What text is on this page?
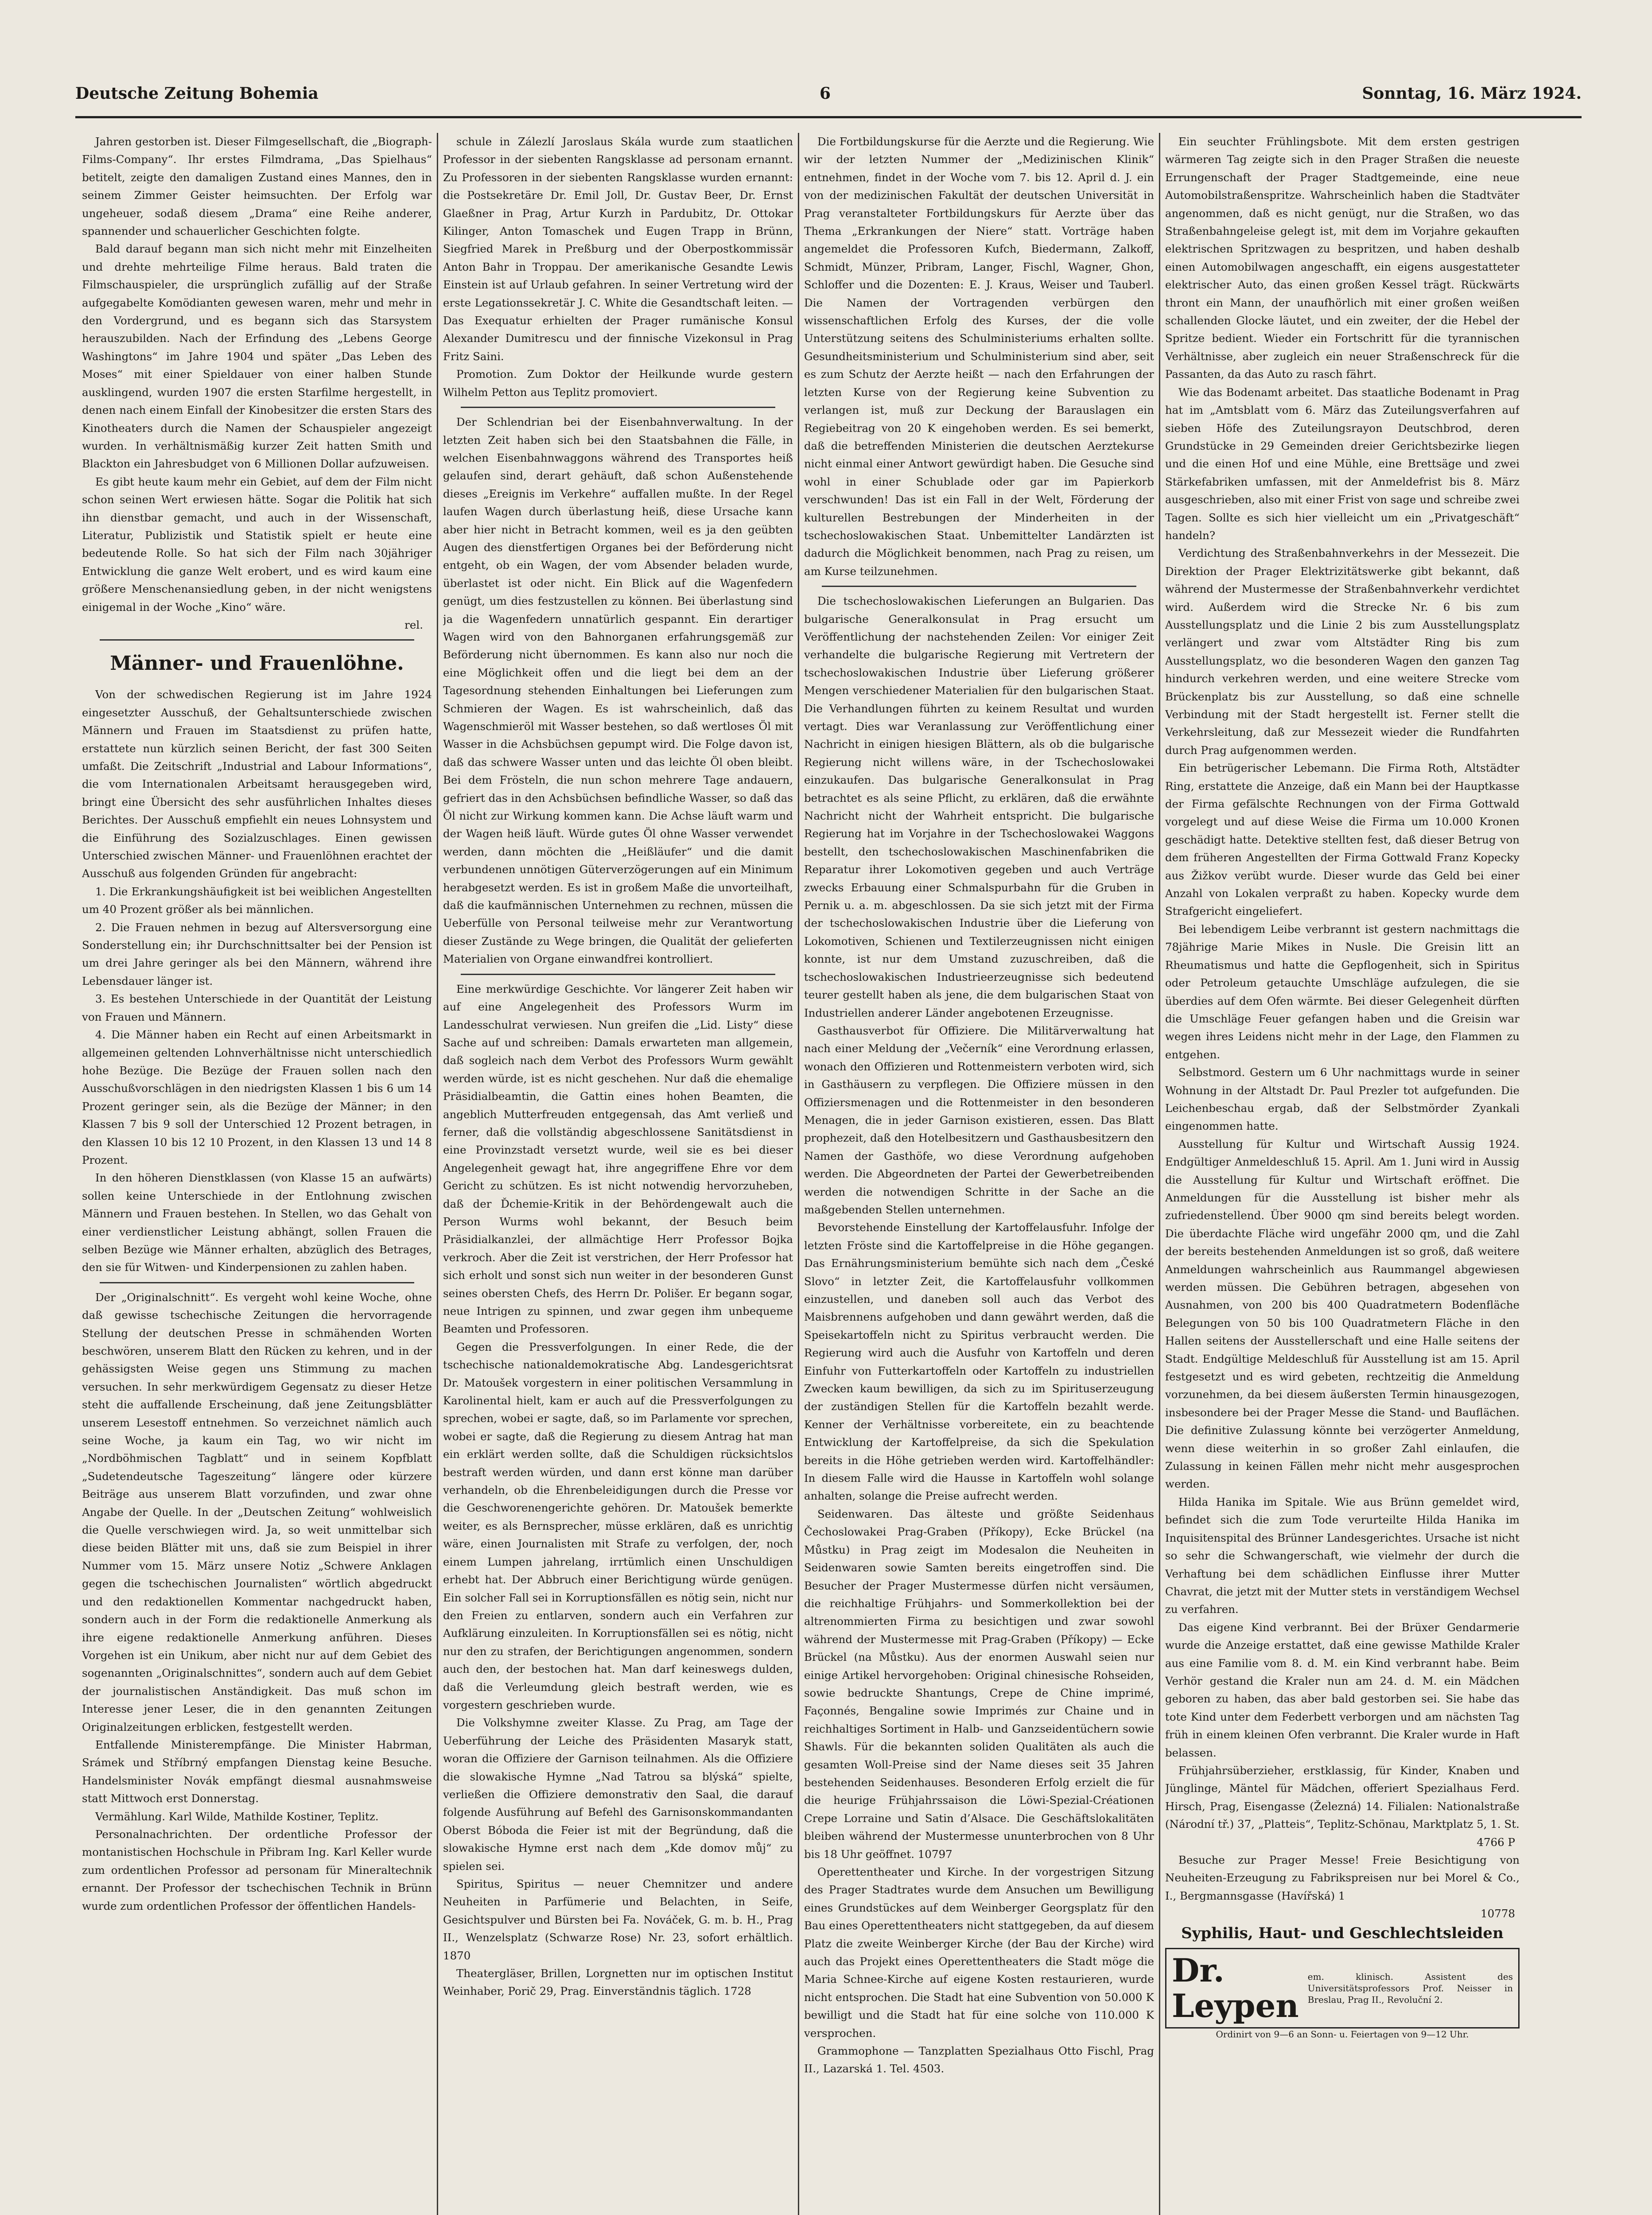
Deutsche Zeitung Bohemia	6	Sonntag, 16. März 1924.

Jahren gestorben ist. Dieser Filmgesellschaft, die „Biograph-Films-Company“. Ihr erstes Filmdrama, „Das Spielhaus“ betitelt, zeigte den damaligen Zustand eines Mannes, den in seinem Zimmer Geister heimsuchten. Der Erfolg war ungeheuer, sodaß diesem „Drama“ eine Reihe anderer, spannender und schauerlicher Geschichten folgte.

Bald darauf begann man sich nicht mehr mit Einzelheiten und drehte mehrteilige Filme heraus. Bald traten die Filmschauspieler, die ursprünglich zufällig auf der Straße aufgegabelte Komödianten gewesen waren, mehr und mehr in den Vordergrund, und es begann sich das Starsystem herauszubilden. Nach der Erfindung des „Lebens George Washingtons“ im Jahre 1904 und später „Das Leben des Moses“ mit einer Spieldauer von einer halben Stunde ausklingend, wurden 1907 die ersten Starfilme hergestellt, in denen nach einem Einfall der Kinobesitzer die ersten Stars des Kinotheaters durch die Namen der Schauspieler angezeigt wurden. In verhältnismäßig kurzer Zeit hatten Smith und Blackton ein Jahresbudget von 6 Millionen Dollar aufzuweisen.

Es gibt heute kaum mehr ein Gebiet, auf dem der Film nicht schon seinen Wert erwiesen hätte. Sogar die Politik hat sich ihn dienstbar gemacht, und auch in der Wissenschaft, Literatur, Publizistik und Statistik spielt er heute eine bedeutende Rolle. So hat sich der Film nach 30jähriger Entwicklung die ganze Welt erobert, und es wird kaum eine größere Menschenansiedlung geben, in der nicht wenigstens einigemal in der Woche „Kino“ wäre.

rel.
Männer- und Frauenlöhne.

Von der schwedischen Regierung ist im Jahre 1924 eingesetzter Ausschuß, der Gehaltsunterschiede zwischen Männern und Frauen im Staatsdienst zu prüfen hatte, erstattete nun kürzlich seinen Bericht, der fast 300 Seiten umfaßt. Die Zeitschrift „Industrial and Labour Informations“, die vom Internationalen Arbeitsamt herausgegeben wird, bringt eine Übersicht des sehr ausführlichen Inhaltes dieses Berichtes. Der Ausschuß empfiehlt ein neues Lohnsystem und die Einführung des Sozialzuschlages. Einen gewissen Unterschied zwischen Männer- und Frauenlöhnen erachtet der Ausschuß aus folgenden Gründen für angebracht:

1. Die Erkrankungshäufigkeit ist bei weiblichen Angestellten um 40 Prozent größer als bei männlichen.

2. Die Frauen nehmen in bezug auf Altersversorgung eine Sonderstellung ein; ihr Durchschnittsalter bei der Pension ist um drei Jahre geringer als bei den Männern, während ihre Lebensdauer länger ist.

3. Es bestehen Unterschiede in der Quantität der Leistung von Frauen und Männern.

4. Die Männer haben ein Recht auf einen Arbeitsmarkt in allgemeinen geltenden Lohnverhältnisse nicht unterschiedlich hohe Bezüge. Die Bezüge der Frauen sollen nach den Ausschußvorschlägen in den niedrigsten Klassen 1 bis 6 um 14 Prozent geringer sein, als die Bezüge der Männer; in den Klassen 7 bis 9 soll der Unterschied 12 Prozent betragen, in den Klassen 10 bis 12 10 Prozent, in den Klassen 13 und 14 8 Prozent.

In den höheren Dienstklassen (von Klasse 15 an aufwärts) sollen keine Unterschiede in der Entlohnung zwischen Männern und Frauen bestehen. In Stellen, wo das Gehalt von einer verdienstlicher Leistung abhängt, sollen Frauen die selben Bezüge wie Männer erhalten, abzüglich des Betrages, den sie für Witwen- und Kinderpensionen zu zahlen haben.

Der „Originalschnitt“. Es vergeht wohl keine Woche, ohne daß gewisse tschechische Zeitungen die hervorragende Stellung der deutschen Presse in schmähenden Worten beschwören, unserem Blatt den Rücken zu kehren, und in der gehässigsten Weise gegen uns Stimmung zu machen versuchen. In sehr merkwürdigem Gegensatz zu dieser Hetze steht die auffallende Erscheinung, daß jene Zeitungsblätter unserem Lesestoff entnehmen. So verzeichnet nämlich auch seine Woche, ja kaum ein Tag, wo wir nicht im „Nordböhmischen Tagblatt“ und in seinem Kopfblatt „Sudetendeutsche Tageszeitung“ längere oder kürzere Beiträge aus unserem Blatt vorzufinden, und zwar ohne Angabe der Quelle. In der „Deutschen Zeitung“ wohlweislich die Quelle verschwiegen wird. Ja, so weit unmittelbar sich diese beiden Blätter mit uns, daß sie zum Beispiel in ihrer Nummer vom 15. März unsere Notiz „Schwere Anklagen gegen die tschechischen Journalisten“ wörtlich abgedruckt und den redaktionellen Kommentar nachgedruckt haben, sondern auch in der Form die redaktionelle Anmerkung als ihre eigene redaktionelle Anmerkung anführen. Dieses Vorgehen ist ein Unikum, aber nicht nur auf dem Gebiet des sogenannten „Originalschnittes“, sondern auch auf dem Gebiet der journalistischen Anständigkeit. Das muß schon im Interesse jener Leser, die in den genannten Zeitungen Originalzeitungen erblicken, festgestellt werden.

Entfallende Ministerempfänge. Die Minister Habrman, Srámek und Stříbrný empfangen Dienstag keine Besuche. Handelsminister Novák empfängt diesmal ausnahmsweise statt Mittwoch erst Donnerstag.

Vermählung. Karl Wilde, Mathilde Kostiner, Teplitz.

Personalnachrichten. Der ordentliche Professor der montanistischen Hochschule in Přibram Ing. Karl Keller wurde zum ordentlichen Professor ad personam für Mineraltechnik ernannt. Der Professor der tschechischen Technik in Brünn wurde zum ordentlichen Professor der öffentlichen Handels-

schule in Zálezlí Jaroslaus Skála wurde zum staatlichen Professor in der siebenten Rangsklasse ad personam ernannt. Zu Professoren in der siebenten Rangsklasse wurden ernannt: die Postsekretäre Dr. Emil Joll, Dr. Gustav Beer, Dr. Ernst Glaeßner in Prag, Artur Kurzh in Pardubitz, Dr. Ottokar Kilinger, Anton Tomaschek und Eugen Trapp in Brünn, Siegfried Marek in Preßburg und der Oberpostkommissär Anton Bahr in Troppau. Der amerikanische Gesandte Lewis Einstein ist auf Urlaub gefahren. In seiner Vertretung wird der erste Legationssekretär J. C. White die Gesandtschaft leiten. — Das Exequatur erhielten der Prager rumänische Konsul Alexander Dumitrescu und der finnische Vizekonsul in Prag Fritz Saini.

Promotion. Zum Doktor der Heilkunde wurde gestern Wilhelm Petton aus Teplitz promoviert.

Der Schlendrian bei der Eisenbahnverwaltung. In der letzten Zeit haben sich bei den Staatsbahnen die Fälle, in welchen Eisenbahnwaggons während des Transportes heiß gelaufen sind, derart gehäuft, daß schon Außenstehende dieses „Ereignis im Verkehre“ auffallen mußte. In der Regel laufen Wagen durch überlastung heiß, diese Ursache kann aber hier nicht in Betracht kommen, weil es ja den geübten Augen des dienstfertigen Organes bei der Beförderung nicht entgeht, ob ein Wagen, der vom Absender beladen wurde, überlastet ist oder nicht. Ein Blick auf die Wagenfedern genügt, um dies festzustellen zu können. Bei überlastung sind ja die Wagenfedern unnatürlich gespannt. Ein derartiger Wagen wird von den Bahnorganen erfahrungsgemäß zur Beförderung nicht übernommen. Es kann also nur noch die eine Möglichkeit offen und die liegt bei dem an der Tagesordnung stehenden Einhaltungen bei Lieferungen zum Schmieren der Wagen. Es ist wahrscheinlich, daß das Wagenschmieröl mit Wasser bestehen, so daß wertloses Öl mit Wasser in die Achsbüchsen gepumpt wird. Die Folge davon ist, daß das schwere Wasser unten und das leichte Öl oben bleibt. Bei dem Frösteln, die nun schon mehrere Tage andauern, gefriert das in den Achsbüchsen befindliche Wasser, so daß das Öl nicht zur Wirkung kommen kann. Die Achse läuft warm und der Wagen heiß läuft. Würde gutes Öl ohne Wasser verwendet werden, dann möchten die „Heißläufer“ und die damit verbundenen unnötigen Güterverzögerungen auf ein Minimum herabgesetzt werden. Es ist in großem Maße die unvorteilhaft, daß die kaufmännischen Unternehmen zu rechnen, müssen die Ueberfülle von Personal teilweise mehr zur Verantwortung dieser Zustände zu Wege bringen, die Qualität der gelieferten Materialien von Organe einwandfrei kontrolliert.

Eine merkwürdige Geschichte. Vor längerer Zeit haben wir auf eine Angelegenheit des Professors Wurm im Landesschulrat verwiesen. Nun greifen die „Lid. Listy“ diese Sache auf und schreiben: Damals erwarteten man allgemein, daß sogleich nach dem Verbot des Professors Wurm gewählt werden würde, ist es nicht geschehen. Nur daß die ehemalige Präsidialbeamtin, die Gattin eines hohen Beamten, die angeblich Mutterfreuden entgegensah, das Amt verließ und ferner, daß die vollständig abgeschlossene Sanitätsdienst in eine Provinzstadt versetzt wurde, weil sie es bei dieser Angelegenheit gewagt hat, ihre angegriffene Ehre vor dem Gericht zu schützen. Es ist nicht notwendig hervorzuheben, daß der Ďchemie-Kritik in der Behördengewalt auch die Person Wurms wohl bekannt, der Besuch beim Präsidialkanzlei, der allmächtige Herr Professor Bojka verkroch. Aber die Zeit ist verstrichen, der Herr Professor hat sich erholt und sonst sich nun weiter in der besonderen Gunst seines obersten Chefs, des Herrn Dr. Polišer. Er begann sogar, neue Intrigen zu spinnen, und zwar gegen ihm unbequeme Beamten und Professoren.

Gegen die Pressverfolgungen. In einer Rede, die der tschechische nationaldemokratische Abg. Landesgerichtsrat Dr. Matoušek vorgestern in einer politischen Versammlung in Karolinental hielt, kam er auch auf die Pressverfolgungen zu sprechen, wobei er sagte, daß, so im Parlamente vor sprechen, wobei er sagte, daß die Regierung zu diesem Antrag hat man ein erklärt werden sollte, daß die Schuldigen rücksichtslos bestraft werden würden, und dann erst könne man darüber verhandeln, ob die Ehrenbeleidigungen durch die Presse vor die Geschworenengerichte gehören. Dr. Matoušek bemerkte weiter, es als Bernsprecher, müsse erklären, daß es unrichtig wäre, einen Journalisten mit Strafe zu verfolgen, der, noch einem Lumpen jahrelang, irrtümlich einen Unschuldigen erhebt hat. Der Abbruch einer Berichtigung würde genügen. Ein solcher Fall sei in Korruptionsfällen es nötig sein, nicht nur den Freien zu entlarven, sondern auch ein Verfahren zur Aufklärung einzuleiten. In Korruptionsfällen sei es nötig, nicht nur den zu strafen, der Berichtigungen angenommen, sondern auch den, der bestochen hat. Man darf keineswegs dulden, daß die Verleumdung gleich bestraft werden, wie es vorgestern geschrieben wurde.

Die Volkshymne zweiter Klasse. Zu Prag, am Tage der Ueberführung der Leiche des Präsidenten Masaryk statt, woran die Offiziere der Garnison teilnahmen. Als die Offiziere die slowakische Hymne „Nad Tatrou sa blýská“ spielte, verließen die Offiziere demonstrativ den Saal, die darauf folgende Ausführung auf Befehl des Garnisonskommandanten Oberst Bóboda die Feier ist mit der Begründung, daß die slowakische Hymne erst nach dem „Kde domov můj“ zu spielen sei.

Spiritus, Spiritus — neuer Chemnitzer und andere Neuheiten in Parfümerie und Belachten, in Seife, Gesichtspulver und Bürsten bei Fa. Nováček, G. m. b. H., Prag II., Wenzelsplatz (Schwarze Rose) Nr. 23, sofort erhältlich. 1870

Theatergläser, Brillen, Lorgnetten nur im optischen Institut Weinhaber, Porič 29, Prag. Einverständnis täglich. 1728

Die Fortbildungskurse für die Aerzte und die Regierung. Wie wir der letzten Nummer der „Medizinischen Klinik“ entnehmen, findet in der Woche vom 7. bis 12. April d. J. ein von der medizinischen Fakultät der deutschen Universität in Prag veranstalteter Fortbildungskurs für Aerzte über das Thema „Erkrankungen der Niere“ statt. Vorträge haben angemeldet die Professoren Kufch, Biedermann, Zalkoff, Schmidt, Münzer, Pribram, Langer, Fischl, Wagner, Ghon, Schloffer und die Dozenten: E. J. Kraus, Weiser und Tauberl. Die Namen der Vortragenden verbürgen den wissenschaftlichen Erfolg des Kurses, der die volle Unterstützung seitens des Schulministeriums erhalten sollte. Gesundheitsministerium und Schulministerium sind aber, seit es zum Schutz der Aerzte heißt — nach den Erfahrungen der letzten Kurse von der Regierung keine Subvention zu verlangen ist, muß zur Deckung der Barauslagen ein Regiebeitrag von 20 K eingehoben werden. Es sei bemerkt, daß die betreffenden Ministerien die deutschen Aerztekurse nicht einmal einer Antwort gewürdigt haben. Die Gesuche sind wohl in einer Schublade oder gar im Papierkorb verschwunden! Das ist ein Fall in der Welt, Förderung der kulturellen Bestrebungen der Minderheiten in der tschechoslowakischen Staat. Unbemittelter Landärzten ist dadurch die Möglichkeit benommen, nach Prag zu reisen, um am Kurse teilzunehmen.

Die tschechoslowakischen Lieferungen an Bulgarien. Das bulgarische Generalkonsulat in Prag ersucht um Veröffentlichung der nachstehenden Zeilen: Vor einiger Zeit verhandelte die bulgarische Regierung mit Vertretern der tschechoslowakischen Industrie über Lieferung größerer Mengen verschiedener Materialien für den bulgarischen Staat. Die Verhandlungen führten zu keinem Resultat und wurden vertagt. Dies war Veranlassung zur Veröffentlichung einer Nachricht in einigen hiesigen Blättern, als ob die bulgarische Regierung nicht willens wäre, in der Tschechoslowakei einzukaufen. Das bulgarische Generalkonsulat in Prag betrachtet es als seine Pflicht, zu erklären, daß die erwähnte Nachricht nicht der Wahrheit entspricht. Die bulgarische Regierung hat im Vorjahre in der Tschechoslowakei Waggons bestellt, den tschechoslowakischen Maschinenfabriken die Reparatur ihrer Lokomotiven gegeben und auch Verträge zwecks Erbauung einer Schmalspurbahn für die Gruben in Pernik u. a. m. abgeschlossen. Da sie sich jetzt mit der Firma der tschechoslowakischen Industrie über die Lieferung von Lokomotiven, Schienen und Textilerzeugnissen nicht einigen konnte, ist nur dem Umstand zuzuschreiben, daß die tschechoslowakischen Industrieerzeugnisse sich bedeutend teurer gestellt haben als jene, die dem bulgarischen Staat von Industriellen anderer Länder angebotenen Erzeugnisse.

Gasthausverbot für Offiziere. Die Militärverwaltung hat nach einer Meldung der „Večerník“ eine Verordnung erlassen, wonach den Offizieren und Rottenmeistern verboten wird, sich in Gasthäusern zu verpflegen. Die Offiziere müssen in den Offiziersmenagen und die Rottenmeister in den besonderen Menagen, die in jeder Garnison existieren, essen. Das Blatt prophezeit, daß den Hotelbesitzern und Gasthausbesitzern den Namen der Gasthöfe, wo diese Verordnung aufgehoben werden. Die Abgeordneten der Partei der Gewerbetreibenden werden die notwendigen Schritte in der Sache an die maßgebenden Stellen unternehmen.

Bevorstehende Einstellung der Kartoffelausfuhr. Infolge der letzten Fröste sind die Kartoffelpreise in die Höhe gegangen. Das Ernährungsministerium bemühte sich nach dem „České Slovo“ in letzter Zeit, die Kartoffelausfuhr vollkommen einzustellen, und daneben soll auch das Verbot des Maisbrennens aufgehoben und dann gewährt werden, daß die Speisekartoffeln nicht zu Spiritus verbraucht werden. Die Regierung wird auch die Ausfuhr von Kartoffeln und deren Einfuhr von Futterkartoffeln oder Kartoffeln zu industriellen Zwecken kaum bewilligen, da sich zu im Spirituserzeugung der zuständigen Stellen für die Kartoffeln bezahlt werde. Kenner der Verhältnisse vorbereitete, ein zu beachtende Entwicklung der Kartoffelpreise, da sich die Spekulation bereits in die Höhe getrieben werden wird. Kartoffelhändler: In diesem Falle wird die Hausse in Kartoffeln wohl solange anhalten, solange die Preise aufrecht werden.

Seidenwaren. Das älteste und größte Seidenhaus Čechoslowakei Prag-Graben (Příkopy), Ecke Brückel (na Můstku) in Prag zeigt im Modesalon die Neuheiten in Seidenwaren sowie Samten bereits eingetroffen sind. Die Besucher der Prager Mustermesse dürfen nicht versäumen, die reichhaltige Frühjahrs- und Sommerkollektion bei der altrenommierten Firma zu besichtigen und zwar sowohl während der Mustermesse mit Prag-Graben (Příkopy) — Ecke Brückel (na Můstku). Aus der enormen Auswahl seien nur einige Artikel hervorgehoben: Original chinesische Rohseiden, sowie bedruckte Shantungs, Crepe de Chine imprimé, Façonnés, Bengaline sowie Imprimés zur Chaine und in reichhaltiges Sortiment in Halb- und Ganzseidentüchern sowie Shawls. Für die bekannten soliden Qualitäten als auch die gesamten Woll-Preise sind der Name dieses seit 35 Jahren bestehenden Seidenhauses. Besonderen Erfolg erzielt die für die heurige Frühjahrssaison die Löwi-Spezial-Créationen Crepe Lorraine und Satin d’Alsace. Die Geschäftslokalitäten bleiben während der Mustermesse ununterbrochen von 8 Uhr bis 18 Uhr geöffnet. 10797

Operettentheater und Kirche. In der vorgestrigen Sitzung des Prager Stadtrates wurde dem Ansuchen um Bewilligung eines Grundstückes auf dem Weinberger Georgsplatz für den Bau eines Operettentheaters nicht stattgegeben, da auf diesem Platz die zweite Weinberger Kirche (der Bau der Kirche) wird auch das Projekt eines Operettentheaters die Stadt möge die Maria Schnee-Kirche auf eigene Kosten restaurieren, wurde nicht entsprochen. Die Stadt hat eine Subvention von 50.000 K bewilligt und die Stadt hat für eine solche von 110.000 K versprochen.

Grammophone — Tanzplatten Spezialhaus Otto Fischl, Prag II., Lazarská 1. Tel. 4503.

Ein seuchter Frühlingsbote. Mit dem ersten gestrigen wärmeren Tag zeigte sich in den Prager Straßen die neueste Errungenschaft der Prager Stadtgemeinde, eine neue Automobilstraßenspritze. Wahrscheinlich haben die Stadtväter angenommen, daß es nicht genügt, nur die Straßen, wo das Straßenbahngeleise gelegt ist, mit dem im Vorjahre gekauften elektrischen Spritzwagen zu bespritzen, und haben deshalb einen Automobilwagen angeschafft, ein eigens ausgestatteter elektrischer Auto, das einen großen Kessel trägt. Rückwärts thront ein Mann, der unaufhörlich mit einer großen weißen schallenden Glocke läutet, und ein zweiter, der die Hebel der Spritze bedient. Wieder ein Fortschritt für die tyrannischen Verhältnisse, aber zugleich ein neuer Straßenschreck für die Passanten, da das Auto zu rasch fährt.

Wie das Bodenamt arbeitet. Das staatliche Bodenamt in Prag hat im „Amtsblatt vom 6. März das Zuteilungsverfahren auf sieben Höfe des Zuteilungsrayon Deutschbrod, deren Grundstücke in 29 Gemeinden dreier Gerichtsbezirke liegen und die einen Hof und eine Mühle, eine Brettsäge und zwei Stärkefabriken umfassen, mit der Anmeldefrist bis 8. März ausgeschrieben, also mit einer Frist von sage und schreibe zwei Tagen. Sollte es sich hier vielleicht um ein „Privatgeschäft“ handeln?

Verdichtung des Straßenbahnverkehrs in der Messezeit. Die Direktion der Prager Elektrizitätswerke gibt bekannt, daß während der Mustermesse der Straßenbahnverkehr verdichtet wird. Außerdem wird die Strecke Nr. 6 bis zum Ausstellungsplatz und die Linie 2 bis zum Ausstellungsplatz verlängert und zwar vom Altstädter Ring bis zum Ausstellungsplatz, wo die besonderen Wagen den ganzen Tag hindurch verkehren werden, und eine weitere Strecke vom Brückenplatz bis zur Ausstellung, so daß eine schnelle Verbindung mit der Stadt hergestellt ist. Ferner stellt die Verkehrsleitung, daß zur Messezeit wieder die Rundfahrten durch Prag aufgenommen werden.

Ein betrügerischer Lebemann. Die Firma Roth, Altstädter Ring, erstattete die Anzeige, daß ein Mann bei der Hauptkasse der Firma gefälschte Rechnungen von der Firma Gottwald vorgelegt und auf diese Weise die Firma um 10.000 Kronen geschädigt hatte. Detektive stellten fest, daß dieser Betrug von dem früheren Angestellten der Firma Gottwald Franz Kopecky aus Žižkov verübt wurde. Dieser wurde das Geld bei einer Anzahl von Lokalen verpraßt zu haben. Kopecky wurde dem Strafgericht eingeliefert.

Bei lebendigem Leibe verbrannt ist gestern nachmittags die 78jährige Marie Mikes in Nusle. Die Greisin litt an Rheumatismus und hatte die Gepflogenheit, sich in Spiritus oder Petroleum getauchte Umschläge aufzulegen, die sie überdies auf dem Ofen wärmte. Bei dieser Gelegenheit dürften die Umschläge Feuer gefangen haben und die Greisin war wegen ihres Leidens nicht mehr in der Lage, den Flammen zu entgehen.

Selbstmord. Gestern um 6 Uhr nachmittags wurde in seiner Wohnung in der Altstadt Dr. Paul Prezler tot aufgefunden. Die Leichenbeschau ergab, daß der Selbstmörder Zyankali eingenommen hatte.

Ausstellung für Kultur und Wirtschaft Aussig 1924. Endgültiger Anmeldeschluß 15. April. Am 1. Juni wird in Aussig die Ausstellung für Kultur und Wirtschaft eröffnet. Die Anmeldungen für die Ausstellung ist bisher mehr als zufriedenstellend. Über 9000 qm sind bereits belegt worden. Die überdachte Fläche wird ungefähr 2000 qm, und die Zahl der bereits bestehenden Anmeldungen ist so groß, daß weitere Anmeldungen wahrscheinlich aus Raummangel abgewiesen werden müssen. Die Gebühren betragen, abgesehen von Ausnahmen, von 200 bis 400 Quadratmetern Bodenfläche Belegungen von 50 bis 100 Quadratmetern Fläche in den Hallen seitens der Ausstellerschaft und eine Halle seitens der Stadt. Endgültige Meldeschluß für Ausstellung ist am 15. April festgesetzt und es wird gebeten, rechtzeitig die Anmeldung vorzunehmen, da bei diesem äußersten Termin hinausgezogen, insbesondere bei der Prager Messe die Stand- und Bauflächen. Die definitive Zulassung könnte bei verzögerter Anmeldung, wenn diese weiterhin in so großer Zahl einlaufen, die Zulassung in keinen Fällen mehr nicht mehr ausgesprochen werden.

Hilda Hanika im Spitale. Wie aus Brünn gemeldet wird, befindet sich die zum Tode verurteilte Hilda Hanika im Inquisitenspital des Brünner Landesgerichtes. Ursache ist nicht so sehr die Schwangerschaft, wie vielmehr der durch die Verhaftung bei dem schädlichen Einflusse ihrer Mutter Chavrat, die jetzt mit der Mutter stets in verständigem Wechsel zu verfahren.

Das eigene Kind verbrannt. Bei der Brüxer Gendarmerie wurde die Anzeige erstattet, daß eine gewisse Mathilde Kraler aus eine Familie vom 8. d. M. ein Kind verbrannt habe. Beim Verhör gestand die Kraler nun am 24. d. M. ein Mädchen geboren zu haben, das aber bald gestorben sei. Sie habe das tote Kind unter dem Federbett verborgen und am nächsten Tag früh in einem kleinen Ofen verbrannt. Die Kraler wurde in Haft belassen.

Frühjahrsüberzieher, erstklassig, für Kinder, Knaben und Jünglinge, Mäntel für Mädchen, offeriert Spezialhaus Ferd. Hirsch, Prag, Eisengasse (Železná) 14. Filialen: Nationalstraße (Národní tř.) 37, „Platteis“, Teplitz-Schönau, Marktplatz 5, 1. St.

4766 P

Besuche zur Prager Messe! Freie Besichtigung von Neuheiten-Erzeugung zu Fabrikspreisen nur bei Morel & Co., I., Bergmannsgasse (Havířská) 1

10778
Syphilis, Haut- und Geschlechtsleiden
Dr. Leypen
em. klinisch. Assistent des Universitätsprofessors Prof. Neisser in Breslau, Prag II., Revoluční 2.
Ordinirt von 9—6 an Sonn- u. Feiertagen von 9—12 Uhr.
